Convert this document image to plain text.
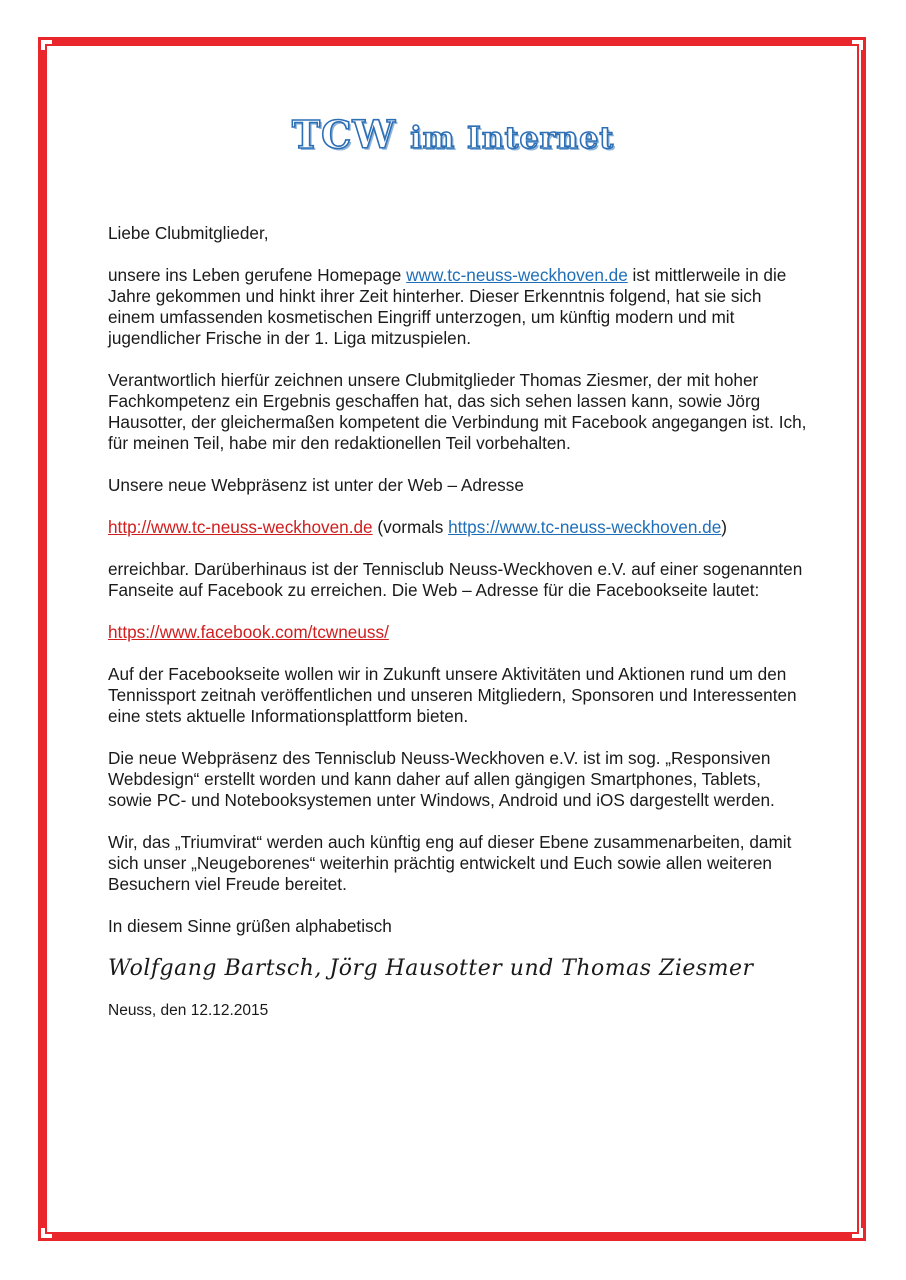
TCW im Internet

Liebe Clubmitglieder,

unsere ins Leben gerufene Homepage www.tc-neuss-weckhoven.de ist mittlerweile in die Jahre gekommen und hinkt ihrer Zeit hinterher. Dieser Erkenntnis folgend, hat sie sich einem umfassenden kosmetischen Eingriff unterzogen, um künftig modern und mit jugendlicher Frische in der 1. Liga mitzuspielen.

Verantwortlich hierfür zeichnen unsere Clubmitglieder Thomas Ziesmer, der mit hoher Fachkompetenz ein Ergebnis geschaffen hat, das sich sehen lassen kann, sowie Jörg Hausotter, der gleichermaßen kompetent die Verbindung mit Facebook angegangen ist. Ich, für meinen Teil, habe mir den redaktionellen Teil vorbehalten.

Unsere neue Webpräsenz ist unter der Web – Adresse

http://www.tc-neuss-weckhoven.de (vormals https://www.tc-neuss-weckhoven.de)

erreichbar. Darüberhinaus ist der Tennisclub Neuss-Weckhoven e.V. auf einer sogenannten Fanseite auf Facebook zu erreichen. Die Web – Adresse für die Facebookseite lautet:

https://www.facebook.com/tcwneuss/

Auf der Facebookseite wollen wir in Zukunft unsere Aktivitäten und Aktionen rund um den Tennissport zeitnah veröffentlichen und unseren Mitgliedern, Sponsoren und Interessenten eine stets aktuelle Informationsplattform bieten.

Die neue Webpräsenz des Tennisclub Neuss-Weckhoven e.V. ist im sog. „Responsiven Webdesign“ erstellt worden und kann daher auf allen gängigen Smartphones, Tablets, sowie PC- und Notebooksystemen unter Windows, Android und iOS dargestellt werden.

Wir, das „Triumvirat“ werden auch künftig eng auf dieser Ebene zusammenarbeiten, damit sich unser „Neugeborenes“ weiterhin prächtig entwickelt und Euch sowie allen weiteren Besuchern viel Freude bereitet.

In diesem Sinne grüßen alphabetisch

Wolfgang Bartsch, Jörg Hausotter und Thomas Ziesmer

Neuss, den 12.12.2015
